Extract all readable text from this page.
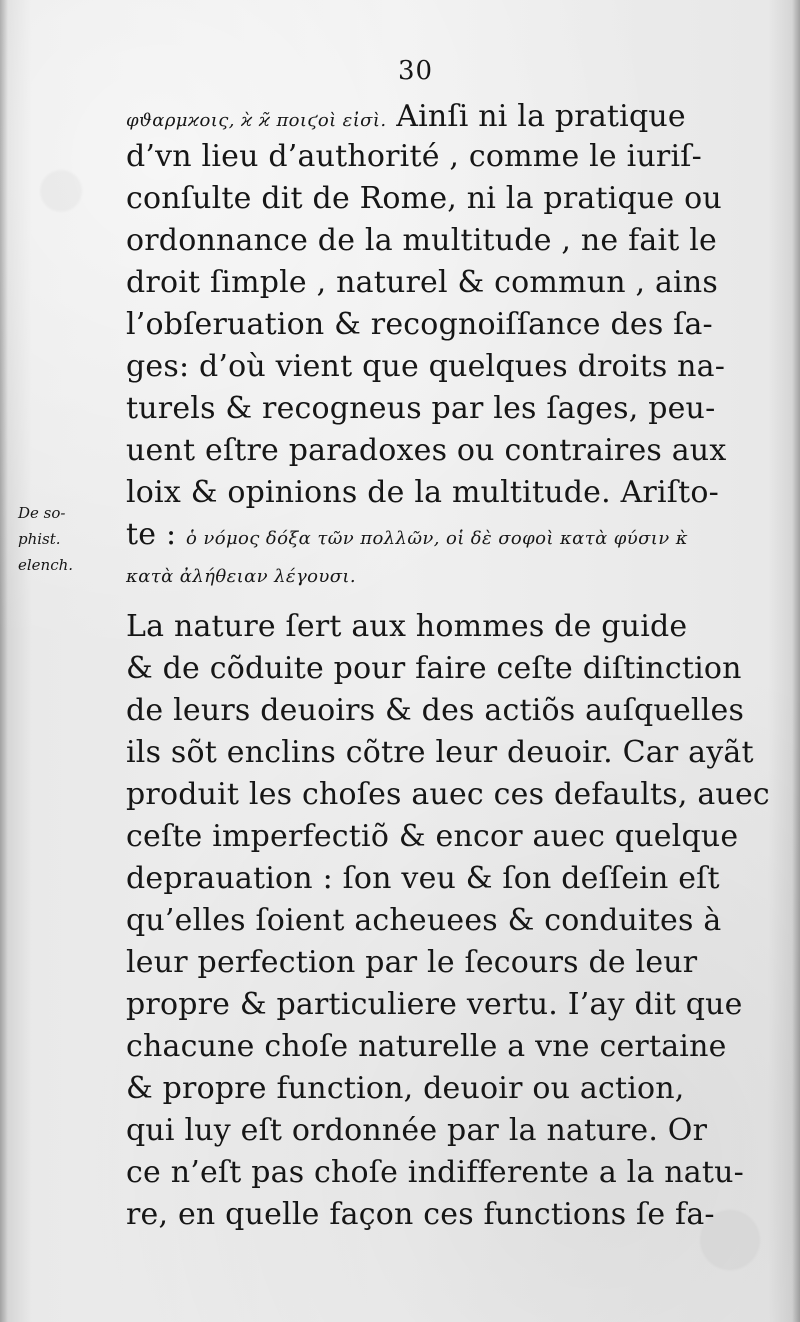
30
De so-
phist.
elench.
φϑαρμϰοις, ϰ̀ ϰ̃ ποιϛοὶ εἰσὶ. Ainſi ni la pratique
d’vn lieu d’authorité , comme le iuriſ-
conſulte dit de Rome, ni la pratique ou
ordonnance de la multitude , ne fait le
droit ſimple , naturel & commun , ains
l’obſeruation & recognoiſſance des ſa-
ges: d’où vient que quelques droits na-
turels & recogneus par les ſages, peu-
uent eſtre paradoxes ou contraires aux
loix & opinions de la multitude. Ariſto-
te : ὁ νόμος δόξα τῶν πολλῶν, οἱ δὲ σοφοὶ κατὰ φύσιν κ̀
κατὰ ἀλήθειαν λέγουσι.
La nature ſert aux hommes de guide
& de cõduite pour faire ceſte diſtinction
de leurs deuoirs & des actiõs auſquelles
ils sõt enclins cõtre leur deuoir. Car ayãt
produit les choſes auec ces defaults, auec
ceſte imperfectiõ & encor auec quelque
deprauation : ſon veu & ſon deſſein eſt
qu’elles ſoient acheuees & conduites à
leur perfection par le ſecours de leur
propre & particuliere vertu. I’ay dit que
chacune choſe naturelle a vne certaine
& propre function, deuoir ou action,
qui luy eſt ordonnée par la nature. Or
ce n’eſt pas choſe indifferente a la natu-
re, en quelle façon ces functions ſe fa-
